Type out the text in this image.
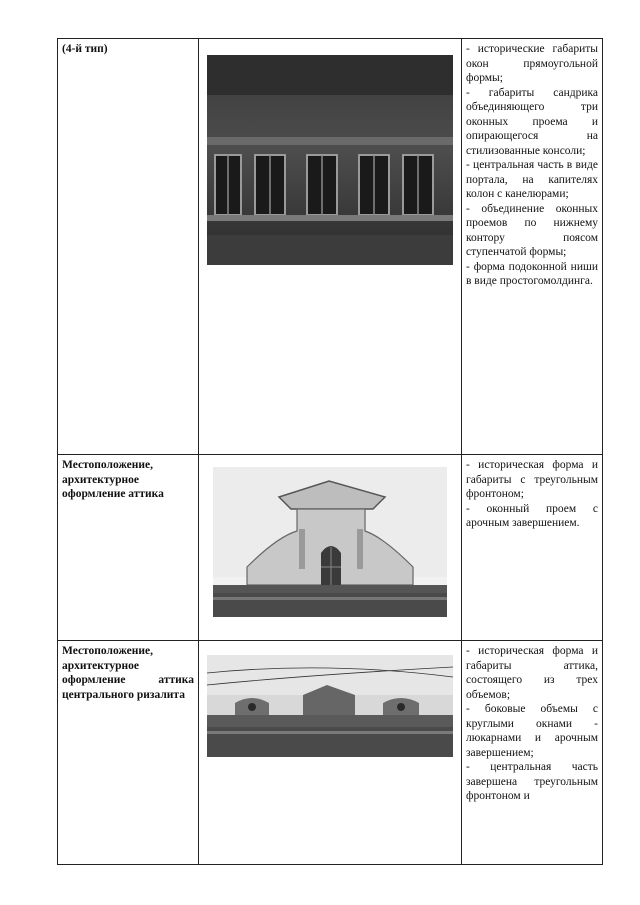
(4-й тип)		- исторические габариты окон прямоугольной формы;

- габариты сандрика объединяющего три оконных проема и опирающегося на стилизованные консоли;

- центральная часть в виде портала, на капителях колон с канелюрами;

- объединение оконных проемов по нижнему контору поясом ступенчатой формы;

- форма подоконной ниши в виде простогомолдинга.

Местоположение, архитектурное оформление аттика		- историческая форма и габариты с треугольным фронтоном;

- оконный проем с арочным завершением.

Местоположение, архитектурное оформление аттика центрального ризалита		- историческая форма и габариты аттика, состоящего из трех объемов;

- боковые объемы с круглыми окнами - люкарнами и арочным завершением;

- центральная часть завершена треугольным фронтоном и
